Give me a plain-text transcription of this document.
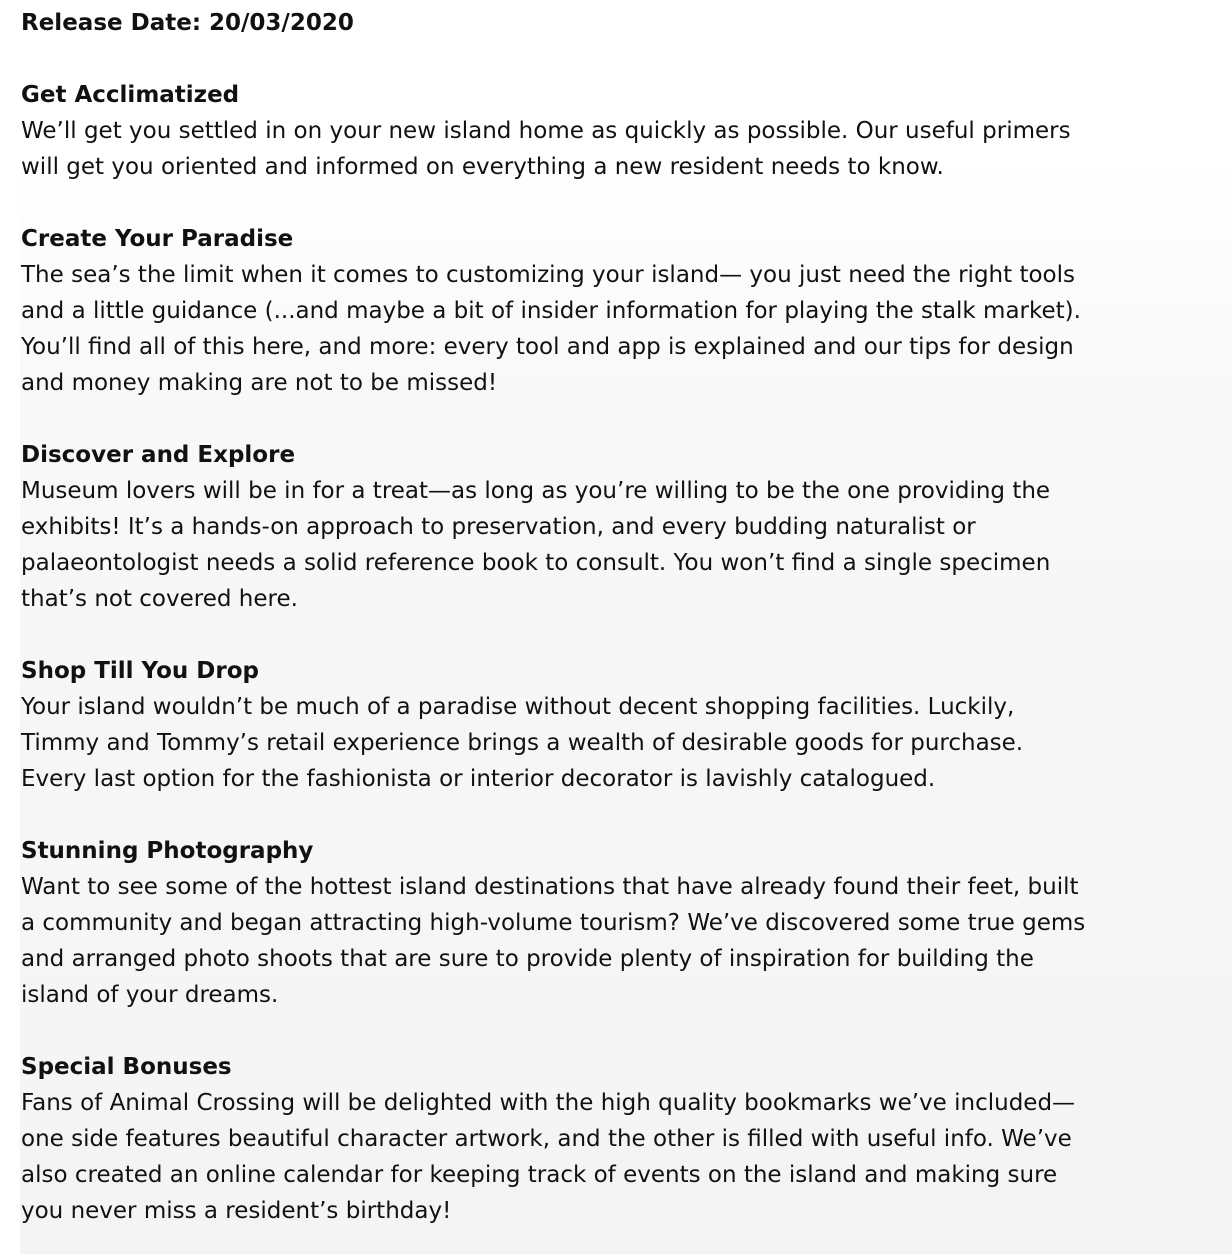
Release Date: 20/03/2020

Get Acclimatized

We’ll get you settled in on your new island home as quickly as possible. Our useful primers
will get you oriented and informed on everything a new resident needs to know.

Create Your Paradise

The sea’s the limit when it comes to customizing your island— you just need the right tools
and a little guidance (...and maybe a bit of insider information for playing the stalk market).
You’ll find all of this here, and more: every tool and app is explained and our tips for design
and money making are not to be missed!

Discover and Explore

Museum lovers will be in for a treat—as long as you’re willing to be the one providing the
exhibits! It’s a hands-on approach to preservation, and every budding naturalist or
palaeontologist needs a solid reference book to consult. You won’t find a single specimen
that’s not covered here.

Shop Till You Drop

Your island wouldn’t be much of a paradise without decent shopping facilities. Luckily,
Timmy and Tommy’s retail experience brings a wealth of desirable goods for purchase.
Every last option for the fashionista or interior decorator is lavishly catalogued.

Stunning Photography

Want to see some of the hottest island destinations that have already found their feet, built
a community and began attracting high-volume tourism? We’ve discovered some true gems
and arranged photo shoots that are sure to provide plenty of inspiration for building the
island of your dreams.

Special Bonuses

Fans of Animal Crossing will be delighted with the high quality bookmarks we’ve included—
one side features beautiful character artwork, and the other is filled with useful info. We’ve
also created an online calendar for keeping track of events on the island and making sure
you never miss a resident’s birthday!
